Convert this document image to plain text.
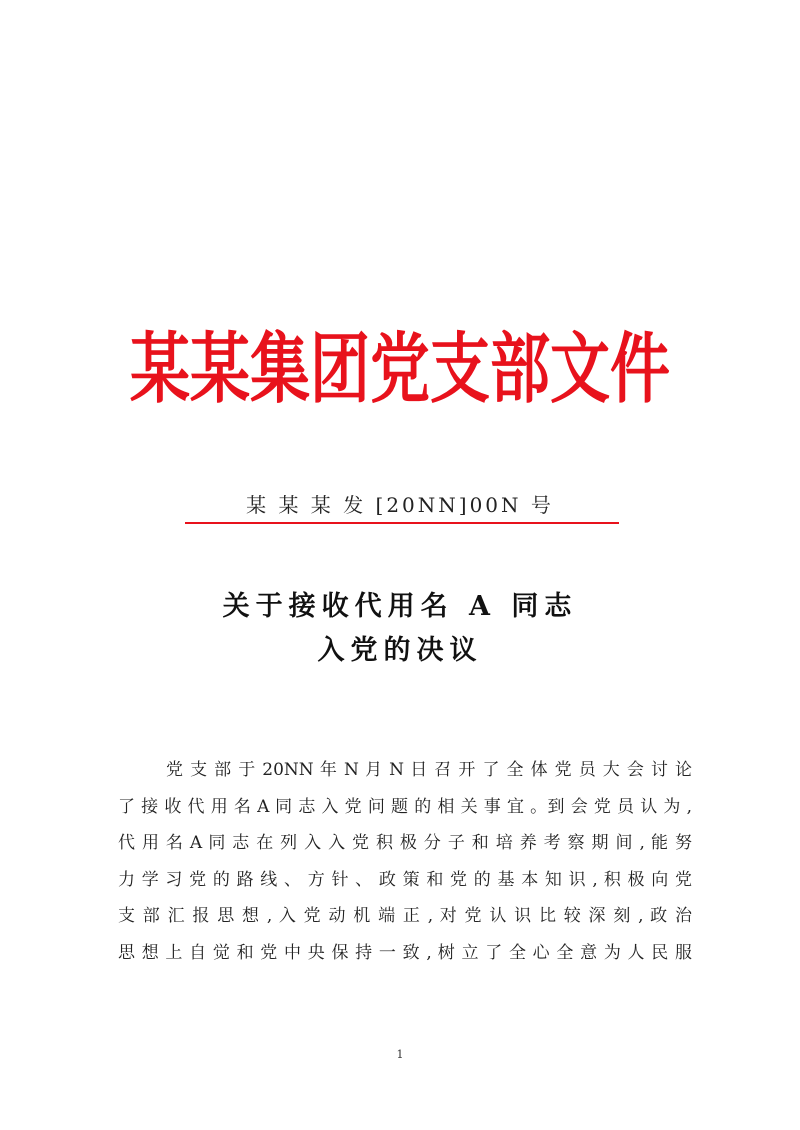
某某集团党支部文件
某 某 某 发 [20NN]00N 号
关于接收代用名 A 同志
入党的决议
党 支 部 于 20NN 年 N 月 N 日 召 开 了 全 体 党 员 大 会 讨 论
了 接 收 代 用 名 A 同 志 入 党 问 题 的 相 关 事 宜 。到 会 党 员 认 为 ,
代 用 名 A 同 志 在 列 入 入 党 积 极 分 子 和 培 养 考 察 期 间 , 能 努
力 学 习 党 的 路 线 、 方 针 、 政 策 和 党 的 基 本 知 识 , 积 极 向 党
支 部 汇 报 思 想 , 入 党 动 机 端 正 , 对 党 认 识 比 较 深 刻 , 政 治
思 想 上 自 觉 和 党 中 央 保 持 一 致 , 树 立 了 全 心 全 意 为 人 民 服
1
